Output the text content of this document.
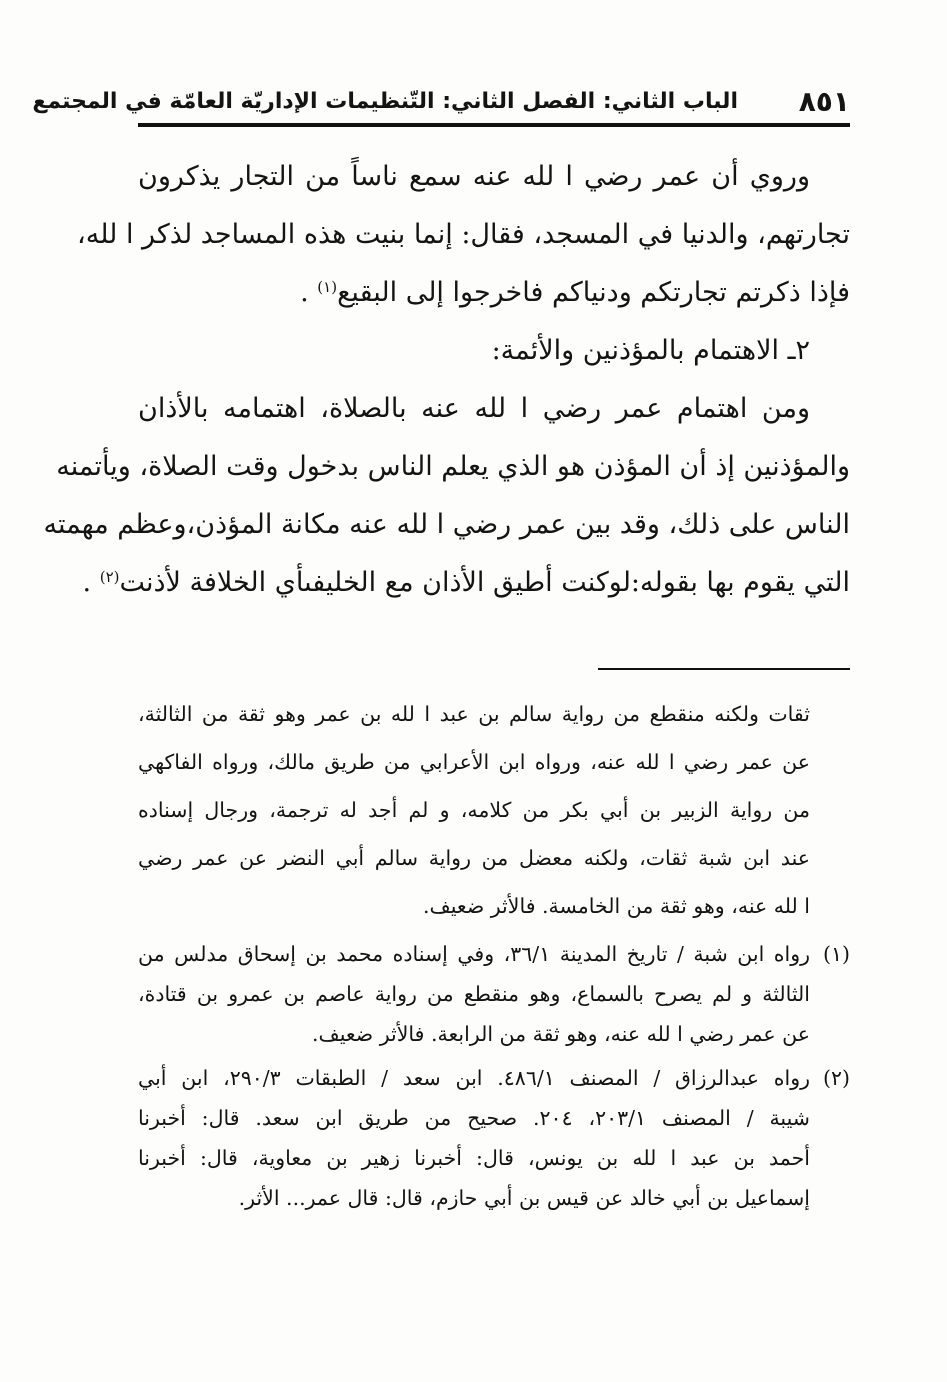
٨٥١
الباب الثاني: الفصل الثاني: التّنظيمات الإداريّة العامّة في المجتمع
وروي أن عمر رضي ا لله عنه سمع ناساً من التجار يذكرون
تجارتهم، والدنيا في المسجد، فقال: إنما بنيت هذه المساجد لذكر ا لله،
فإذا ذكرتم تجارتكم ودنياكم فاخرجوا إلى البقيع$^{(١)}$ .
٢ـ الاهتمام بالمؤذنين والأئمة:
ومن اهتمام عمر رضي ا لله عنه بالصلاة، اهتمامه بالأذان
والمؤذنين إذ أن المؤذن هو الذي يعلم الناس بدخول وقت الصلاة، ويأتمنه
الناس على ذلك، وقد بين عمر رضي ا لله عنه مكانة المؤذن،وعظم مهمته
التي يقوم بها بقوله:لوكنت أطيق الأذان مع الخليفىأي الخلافة لأذنت$^{(٢)}$ .
ثقات ولكنه منقطع من رواية سالم بن عبد ا لله بن عمر وهو ثقة من الثالثة،
عن عمر رضي ا لله عنه، ورواه ابن الأعرابي من طريق مالك، ورواه الفاكهي
من رواية الزبير بن أبي بكر من كلامه، و لم أجد له ترجمة، ورجال إسناده
عند ابن شبة ثقات، ولكنه معضل من رواية سالم أبي النضر عن عمر رضي
ا لله عنه، وهو ثقة من الخامسة. فالأثر ضعيف.
(١)رواه ابن شبة / تاريخ المدينة ٣٦/١، وفي إسناده محمد بن إسحاق مدلس من
الثالثة و لم يصرح بالسماع، وهو منقطع من رواية عاصم بن عمرو بن قتادة،
عن عمر رضي ا لله عنه، وهو ثقة من الرابعة. فالأثر ضعيف.
(٢)رواه عبدالرزاق / المصنف ٤٨٦/١. ابن سعد / الطبقات ٢٩٠/٣، ابن أبي
شيبة / المصنف ٢٠٣/١، ٢٠٤. صحيح من طريق ابن سعد. قال: أخبرنا
أحمد بن عبد ا لله بن يونس، قال: أخبرنا زهير بن معاوية، قال: أخبرنا
إسماعيل بن أبي خالد عن قيس بن أبي حازم، قال: قال عمر... الأثر.
